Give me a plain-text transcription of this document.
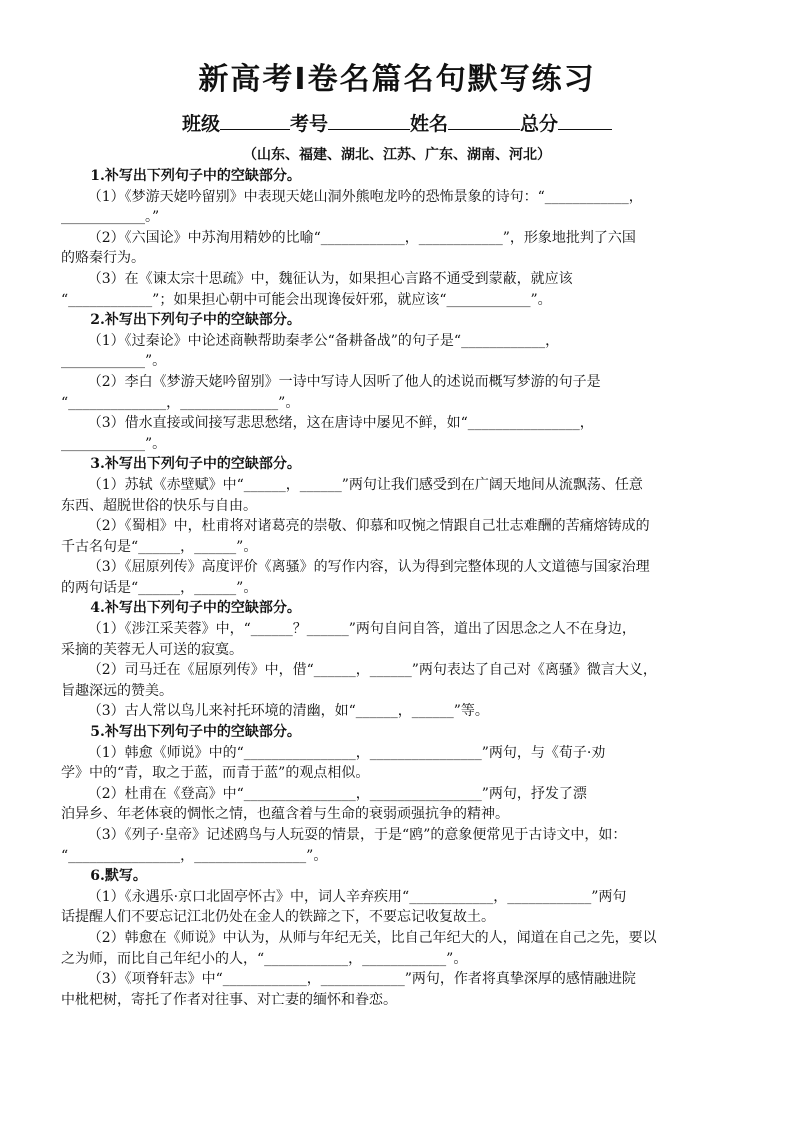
新高考Ⅰ卷名篇名句默写练习
班级	考号	姓名	总分
（山东、福建、湖北、江苏、广东、湖南、河北）
1.补写出下列句子中的空缺部分。
（1）《梦游天姥吟留别》中表现天姥山洞外熊咆龙吟的恐怖景象的诗句：“____________，
____________。”
（2）《六国论》中苏洵用精妙的比喻“____________，____________”，形象地批判了六国
的赂秦行为。
（3）在《谏太宗十思疏》中，魏征认为，如果担心言路不通受到蒙蔽，就应该
“____________”；如果担心朝中可能会出现谗佞奸邪，就应该“____________”。
2.补写出下列句子中的空缺部分。
（1）《过秦论》中论述商鞅帮助秦孝公“备耕备战”的句子是“____________，
____________”。
（2）李白《梦游天姥吟留别》一诗中写诗人因听了他人的述说而概写梦游的句子是
“______________，______________”。
（3）借水直接或间接写悲思愁绪，这在唐诗中屡见不鲜，如“________________，
____________”。
3.补写出下列句子中的空缺部分。
（1）苏轼《赤壁赋》中“______，______”两句让我们感受到在广阔天地间从流飘荡、任意
东西、超脱世俗的快乐与自由。
（2）《蜀相》中，杜甫将对诸葛亮的崇敬、仰慕和叹惋之情跟自己壮志难酬的苦痛熔铸成的
千古名句是“______，______”。
（3）《屈原列传》高度评价《离骚》的写作内容，认为得到完整体现的人文道德与国家治理
的两句话是“______，______”。
4.补写出下列句子中的空缺部分。
（1）《涉江采芙蓉》中，“______？______”两句自问自答，道出了因思念之人不在身边，
采摘的芙蓉无人可送的寂寞。
（2）司马迁在《屈原列传》中，借“______，______”两句表达了自己对《离骚》微言大义，
旨趣深远的赞美。
（3）古人常以鸟儿来衬托环境的清幽，如“______，______”等。
5.补写出下列句子中的空缺部分。
（1）韩愈《师说》中的“________________，________________”两句，与《荀子·劝
学》中的“青，取之于蓝，而青于蓝”的观点相似。
（2）杜甫在《登高》中“________________，________________”两句，抒发了漂
泊异乡、年老体衰的惆怅之情，也蕴含着与生命的衰弱顽强抗争的精神。
（3）《列子·皇帝》记述鸥鸟与人玩耍的情景，于是“鸥”的意象便常见于古诗文中，如：
“________________，________________”。
6.默写。
（1）《永遇乐·京口北固亭怀古》中，词人辛弃疾用“____________，____________”两句
话提醒人们不要忘记江北仍处在金人的铁蹄之下，不要忘记收复故土。
（2）韩愈在《师说》中认为，从师与年纪无关，比自己年纪大的人，闻道在自己之先，要以
之为师，而比自己年纪小的人，“____________，____________”。
（3）《项脊轩志》中“____________，____________”两句，作者将真挚深厚的感情融进院
中枇杷树，寄托了作者对往事、对亡妻的缅怀和眷恋。
